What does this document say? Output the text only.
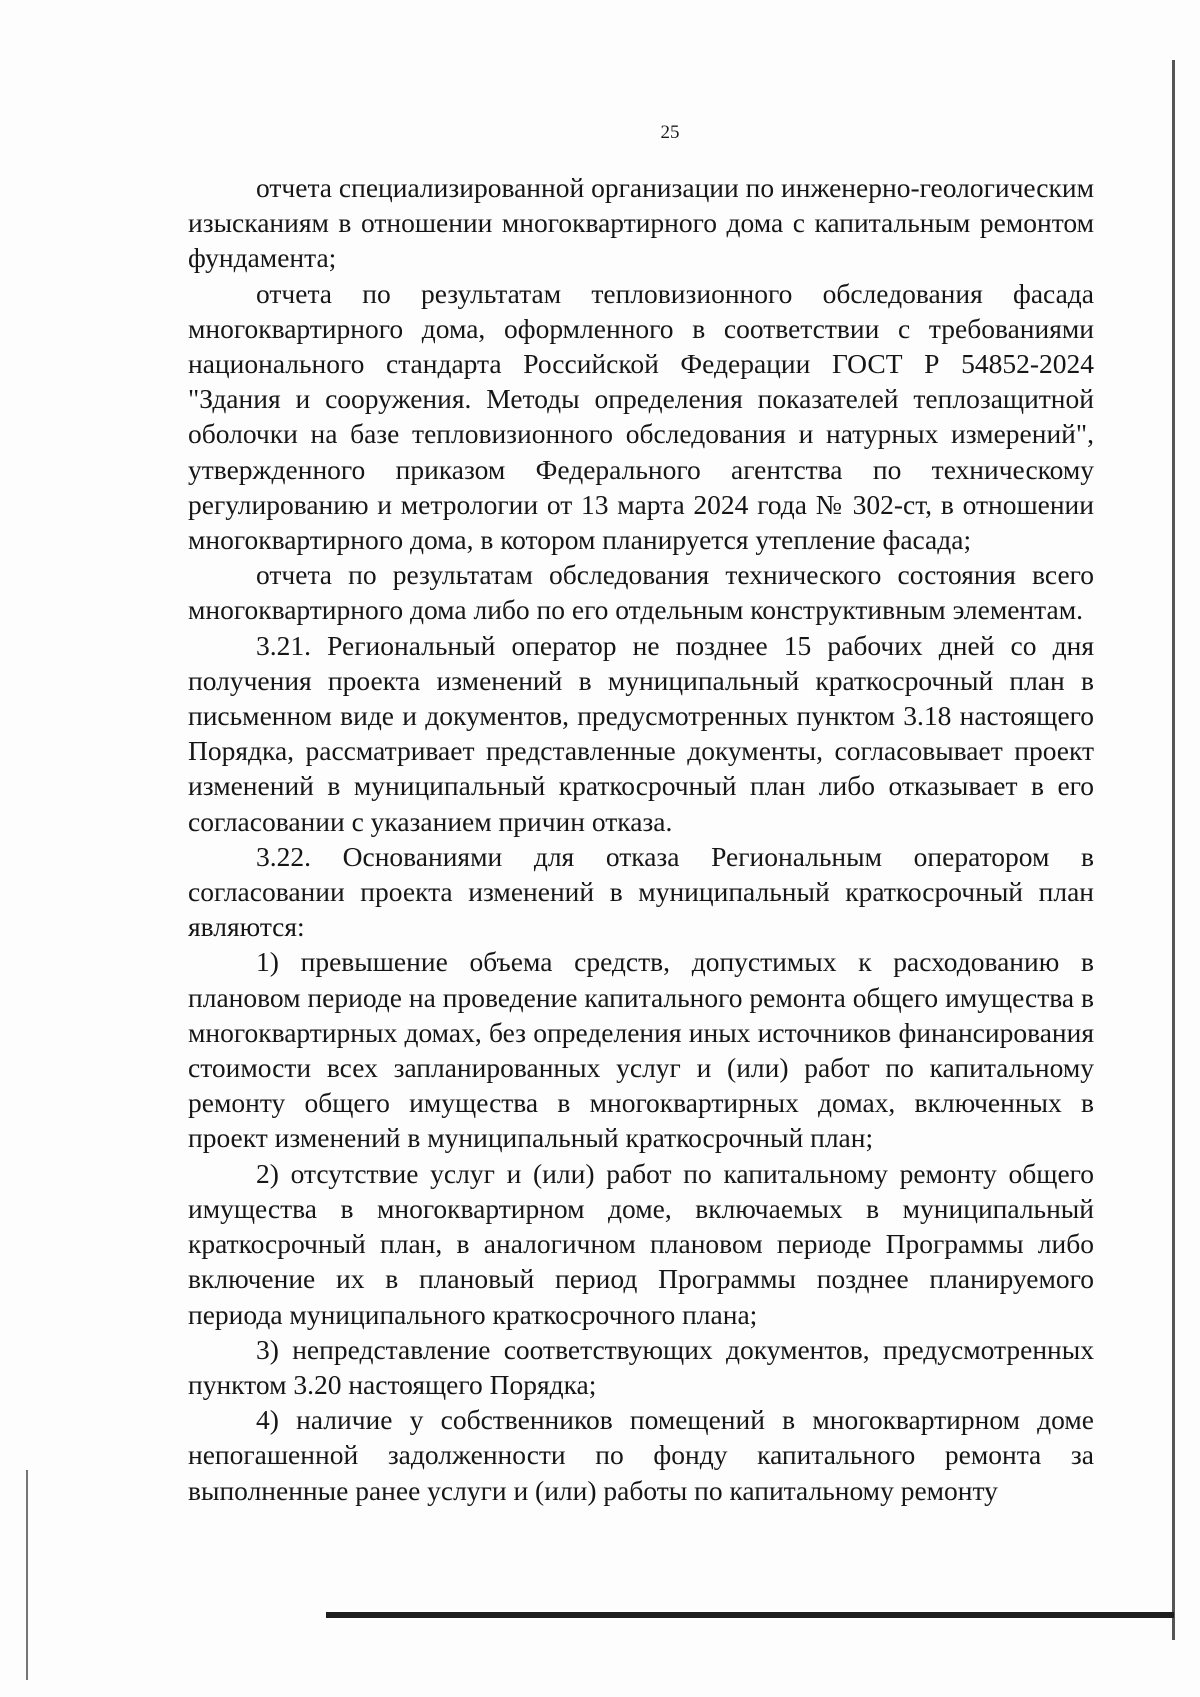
25

отчета специализированной организации по инженерно-геологическим изысканиям в отношении многоквартирного дома с капитальным ремонтом фундамента;

отчета по результатам тепловизионного обследования фасада многоквартирного дома, оформленного в соответствии с требованиями национального стандарта Российской Федерации ГОСТ Р 54852-2024 "Здания и сооружения. Методы определения показателей теплозащитной оболочки на базе тепловизионного обследования и натурных измерений", утвержденного приказом Федерального агентства по техническому регулированию и метрологии от 13 марта 2024 года № 302-ст, в отношении многоквартирного дома, в котором планируется утепление фасада;

отчета по результатам обследования технического состояния всего многоквартирного дома либо по его отдельным конструктивным элементам.

3.21. Региональный оператор не позднее 15 рабочих дней со дня получения проекта изменений в муниципальный краткосрочный план в письменном виде и документов, предусмотренных пунктом 3.18 настоящего Порядка, рассматривает представленные документы, согласовывает проект изменений в муниципальный краткосрочный план либо отказывает в его согласовании с указанием причин отказа.

3.22. Основаниями для отказа Региональным оператором в согласовании проекта изменений в муниципальный краткосрочный план являются:

1) превышение объема средств, допустимых к расходованию в плановом периоде на проведение капитального ремонта общего имущества в многоквартирных домах, без определения иных источников финансирования стоимости всех запланированных услуг и (или) работ по капитальному ремонту общего имущества в многоквартирных домах, включенных в проект изменений в муниципальный краткосрочный план;

2) отсутствие услуг и (или) работ по капитальному ремонту общего имущества в многоквартирном доме, включаемых в муниципальный краткосрочный план, в аналогичном плановом периоде Программы либо включение их в плановый период Программы позднее планируемого периода муниципального краткосрочного плана;

3) непредставление соответствующих документов, предусмотренных пунктом 3.20 настоящего Порядка;

4) наличие у собственников помещений в многоквартирном доме непогашенной задолженности по фонду капитального ремонта за выполненные ранее услуги и (или) работы по капитальному ремонту
